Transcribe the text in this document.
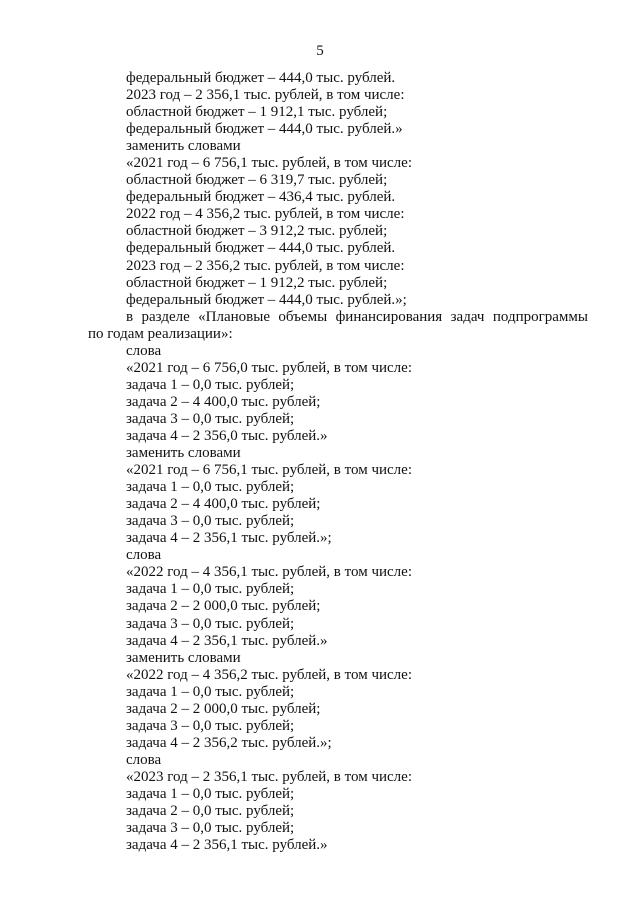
5
федеральный бюджет – 444,0 тыс. рублей.
2023 год – 2 356,1 тыс. рублей, в том числе:
областной бюджет – 1 912,1 тыс. рублей;
федеральный бюджет – 444,0 тыс. рублей.»
заменить словами
«2021 год – 6 756,1 тыс. рублей, в том числе:
областной бюджет – 6 319,7 тыс. рублей;
федеральный бюджет – 436,4 тыс. рублей.
2022 год – 4 356,2 тыс. рублей, в том числе:
областной бюджет – 3 912,2 тыс. рублей;
федеральный бюджет – 444,0 тыс. рублей.
2023 год – 2 356,2 тыс. рублей, в том числе:
областной бюджет – 1 912,2 тыс. рублей;
федеральный бюджет – 444,0 тыс. рублей.»;
в разделе «Плановые объемы финансирования задач подпрограммы
по годам реализации»:
слова
«2021 год – 6 756,0 тыс. рублей, в том числе:
задача 1 – 0,0 тыс. рублей;
задача 2 – 4 400,0 тыс. рублей;
задача 3 – 0,0 тыс. рублей;
задача 4 – 2 356,0 тыс. рублей.»
заменить словами
«2021 год – 6 756,1 тыс. рублей, в том числе:
задача 1 – 0,0 тыс. рублей;
задача 2 – 4 400,0 тыс. рублей;
задача 3 – 0,0 тыс. рублей;
задача 4 – 2 356,1 тыс. рублей.»;
слова
«2022 год – 4 356,1 тыс. рублей, в том числе:
задача 1 – 0,0 тыс. рублей;
задача 2 – 2 000,0 тыс. рублей;
задача 3 – 0,0 тыс. рублей;
задача 4 – 2 356,1 тыс. рублей.»
заменить словами
«2022 год – 4 356,2 тыс. рублей, в том числе:
задача 1 – 0,0 тыс. рублей;
задача 2 – 2 000,0 тыс. рублей;
задача 3 – 0,0 тыс. рублей;
задача 4 – 2 356,2 тыс. рублей.»;
слова
«2023 год – 2 356,1 тыс. рублей, в том числе:
задача 1 – 0,0 тыс. рублей;
задача 2 – 0,0 тыс. рублей;
задача 3 – 0,0 тыс. рублей;
задача 4 – 2 356,1 тыс. рублей.»
